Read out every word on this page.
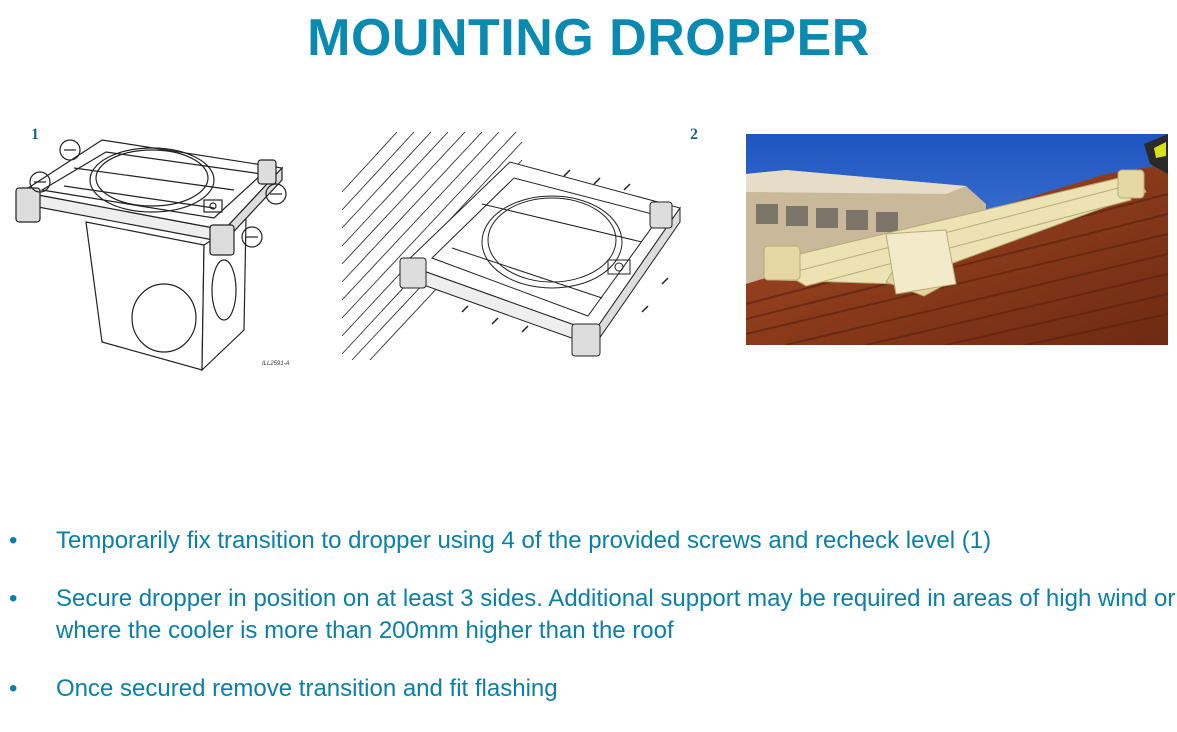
MOUNTING DROPPER
1	2
ILL2591-A
• Temporarily fix transition to dropper using 4 of the provided screws and recheck level (1)
• Secure dropper in position on at least 3 sides. Additional support may be required in areas of high wind or where the cooler is more than 200mm higher than the roof
• Once secured remove transition and fit flashing
